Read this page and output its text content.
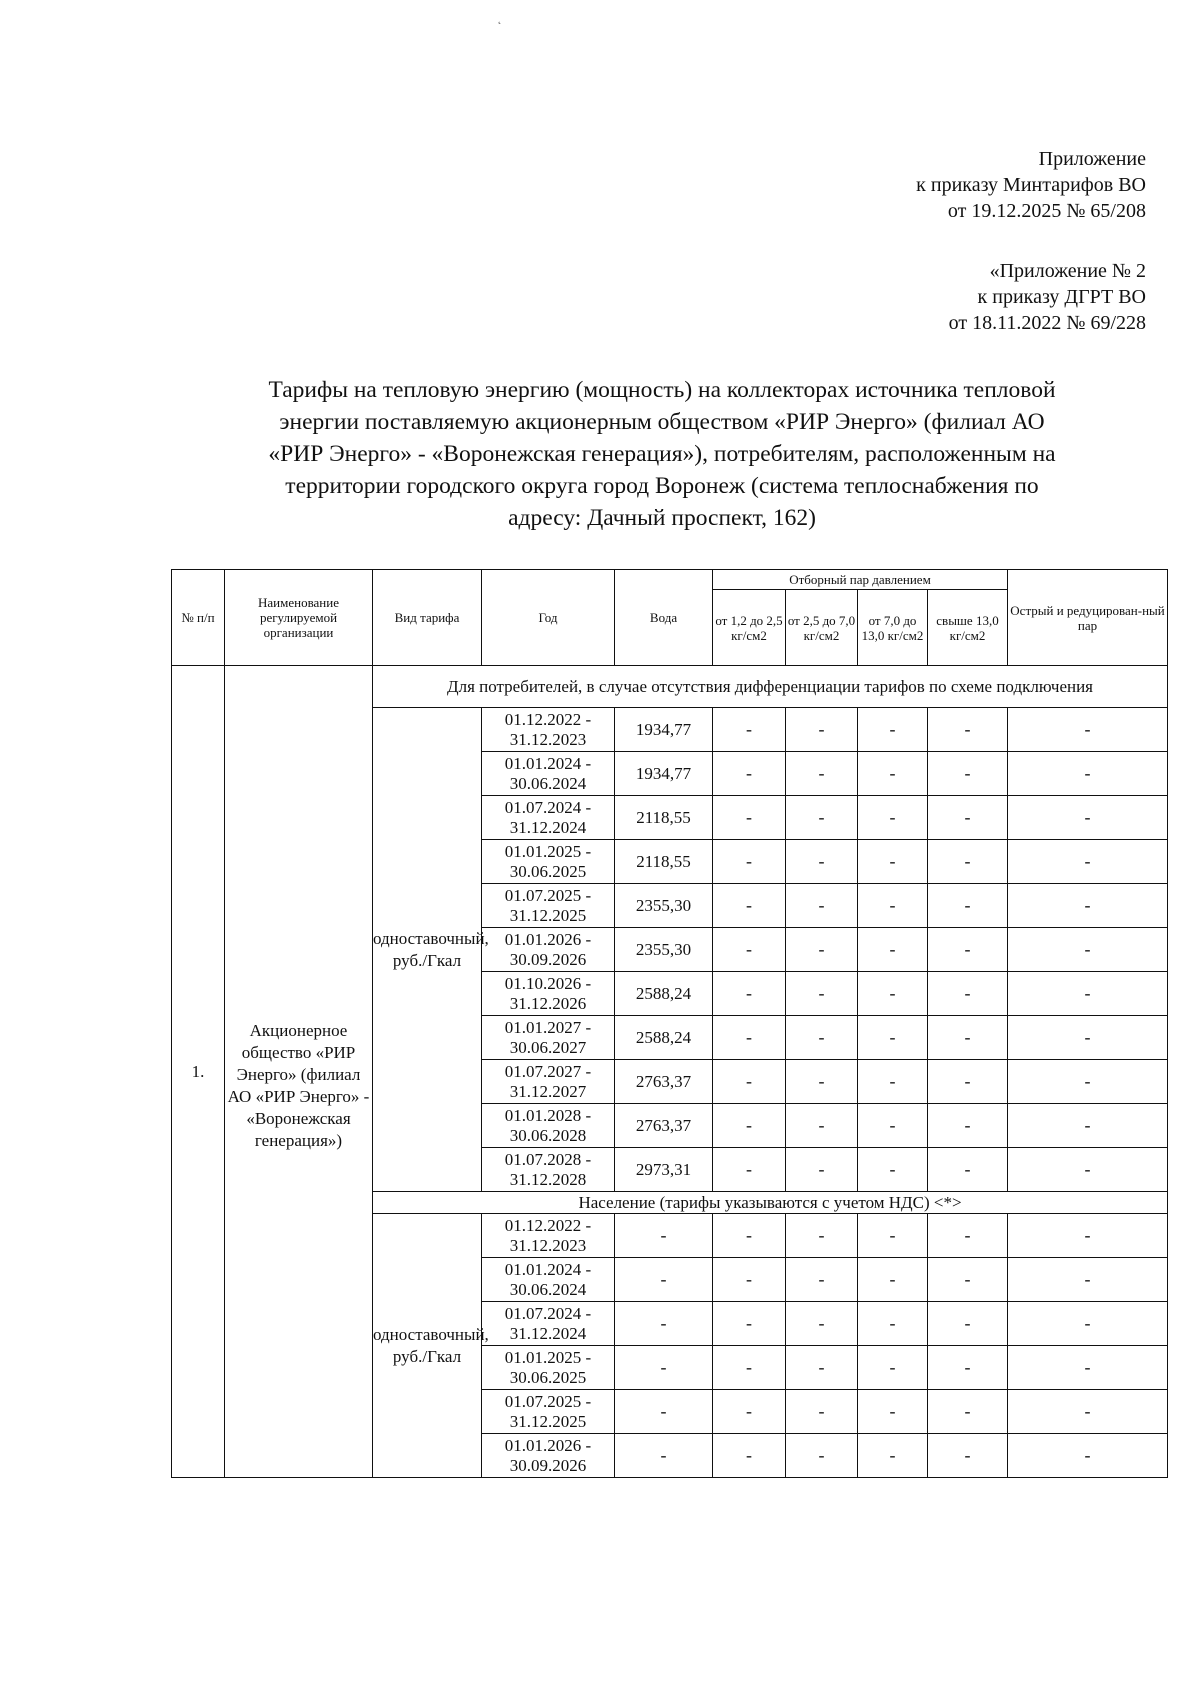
Приложение
к приказу Минтарифов ВО
от 19.12.2025 № 65/208
«Приложение № 2
к приказу ДГРТ ВО
от 18.11.2022 № 69/228
Тарифы на тепловую энергию (мощность) на коллекторах источника тепловой
энергии поставляемую акционерным обществом «РИР Энерго» (филиал АО
«РИР Энерго» - «Воронежская генерация»), потребителям, расположенным на
территории городского округа город Воронеж (система теплоснабжения по
адресу: Дачный проспект, 162)
№ п/п	Наименование регулируемой организации	Вид тарифа	Год	Вода	Отборный пар давлением				Острый и редуцирован-ный пар
					от 1,2 до 2,5 кг/см2	от 2,5 до 7,0 кг/см2	от 7,0 до 13,0 кг/см2	свыше 13,0 кг/см2	
1.	Акционерное общество «РИР Энерго» (филиал АО «РИР Энерго» - «Воронежская генерация»)	Для потребителей, в случае отсутствия дифференциации тарифов по схеме подключения							
		одноставочный, руб./Гкал	01.12.2022 - 31.12.2023	1934,77	-	-	-	-	-
			01.01.2024 - 30.06.2024	1934,77	-	-	-	-	-
			01.07.2024 - 31.12.2024	2118,55	-	-	-	-	-
			01.01.2025 - 30.06.2025	2118,55	-	-	-	-	-
			01.07.2025 - 31.12.2025	2355,30	-	-	-	-	-
			01.01.2026 - 30.09.2026	2355,30	-	-	-	-	-
			01.10.2026 - 31.12.2026	2588,24	-	-	-	-	-
			01.01.2027 - 30.06.2027	2588,24	-	-	-	-	-
			01.07.2027 - 31.12.2027	2763,37	-	-	-	-	-
			01.01.2028 - 30.06.2028	2763,37	-	-	-	-	-
			01.07.2028 - 31.12.2028	2973,31	-	-	-	-	-
		Население (тарифы указываются с учетом НДС) <*>							
		одноставочный, руб./Гкал	01.12.2022 - 31.12.2023	-	-	-	-	-	-
			01.01.2024 - 30.06.2024	-	-	-	-	-	-
			01.07.2024 - 31.12.2024	-	-	-	-	-	-
			01.01.2025 - 30.06.2025	-	-	-	-	-	-
			01.07.2025 - 31.12.2025	-	-	-	-	-	-
			01.01.2026 - 30.09.2026	-	-	-	-	-	-
˛
